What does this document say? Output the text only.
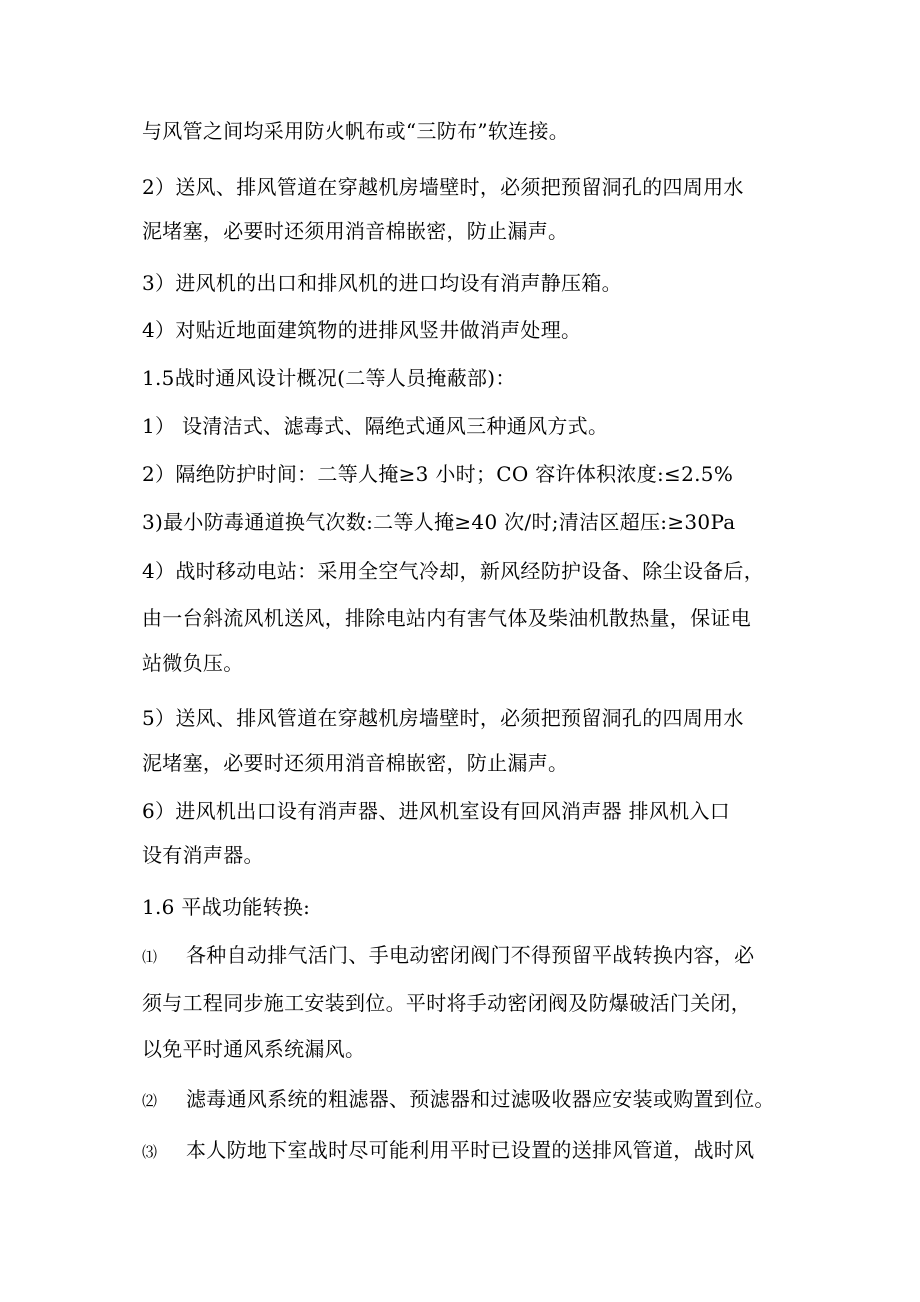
与风管之间均采用防火帆布或“三防布”软连接。
2）送风、排风管道在穿越机房墙壁时，必须把预留洞孔的四周用水
泥堵塞，必要时还须用消音棉嵌密，防止漏声。
3）进风机的出口和排风机的进口均设有消声静压箱。
4）对贴近地面建筑物的进排风竖井做消声处理。
1.5战时通风设计概况(二等人员掩蔽部)：
1） 设清洁式、滤毒式、隔绝式通风三种通风方式。
2）隔绝防护时间：二等人掩≥3 小时；CO 容许体积浓度:≤2.5%
3)最小防毒通道换气次数:二等人掩≥40 次/时;清洁区超压:≥30Pa
4）战时移动电站：采用全空气冷却，新风经防护设备、除尘设备后，
由一台斜流风机送风，排除电站内有害气体及柴油机散热量，保证电
站微负压。
5）送风、排风管道在穿越机房墙壁时，必须把预留洞孔的四周用水
泥堵塞，必要时还须用消音棉嵌密，防止漏声。
6）进风机出口设有消声器、进风机室设有回风消声器 排风机入口
设有消声器。
1.6 平战功能转换:
⑴ 各种自动排气活门、手电动密闭阀门不得预留平战转换内容，必
须与工程同步施工安装到位。平时将手动密闭阀及防爆破活门关闭，
以免平时通风系统漏风。
⑵ 滤毒通风系统的粗滤器、预滤器和过滤吸收器应安装或购置到位。
⑶ 本人防地下室战时尽可能利用平时已设置的送排风管道，战时风
